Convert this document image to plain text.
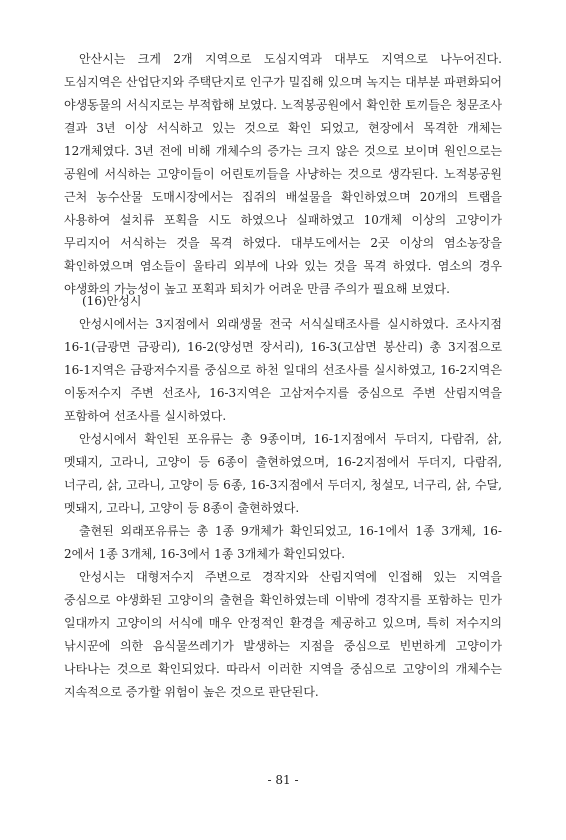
안산시는 크게 2개 지역으로 도심지역과 대부도 지역으로 나누어진다. 도심지역은 산업단지와 주택단지로 인구가 밀집해 있으며 녹지는 대부분 파편화되어 야생동물의 서식지로는 부적합해 보였다. 노적봉공원에서 확인한 토끼들은 청문조사 결과 3년 이상 서식하고 있는 것으로 확인 되었고, 현장에서 목격한 개체는 12개체였다. 3년 전에 비해 개체수의 증가는 크지 않은 것으로 보이며 원인으로는 공원에 서식하는 고양이들이 어린토끼들을 사냥하는 것으로 생각된다. 노적봉공원 근처 농수산물 도매시장에서는 집쥐의 배설물을 확인하였으며 20개의 트랩을 사용하여 설치류 포획을 시도 하였으나 실패하였고 10개체 이상의 고양이가 무리지어 서식하는 것을 목격 하였다. 대부도에서는 2곳 이상의 염소농장을 확인하였으며 염소들이 울타리 외부에 나와 있는 것을 목격 하였다. 염소의 경우 야생화의 가능성이 높고 포획과 퇴치가 어려운 만큼 주의가 필요해 보였다.

(16)안성시

안성시에서는 3지점에서 외래생물 전국 서식실태조사를 실시하였다. 조사지점 16-1(금광면 금광리), 16-2(양성면 장서리), 16-3(고삼면 봉산리) 총 3지점으로 16-1지역은 금광저수지를 중심으로 하천 일대의 선조사를 실시하였고, 16-2지역은 이동저수지 주변 선조사, 16-3지역은 고삼저수지를 중심으로 주변 산림지역을 포함하여 선조사를 실시하였다.

안성시에서 확인된 포유류는 총 9종이며, 16-1지점에서 두더지, 다람쥐, 삵, 멧돼지, 고라니, 고양이 등 6종이 출현하였으며, 16-2지점에서 두더지, 다람쥐, 너구리, 삵, 고라니, 고양이 등 6종, 16-3지점에서 두더지, 청설모, 너구리, 삵, 수달, 멧돼지, 고라니, 고양이 등 8종이 출현하였다.

출현된 외래포유류는 총 1종 9개체가 확인되었고, 16-1에서 1종 3개체, 16-2에서 1종 3개체, 16-3에서 1종 3개체가 확인되었다.

안성시는 대형저수지 주변으로 경작지와 산림지역에 인접해 있는 지역을 중심으로 야생화된 고양이의 출현을 확인하였는데 이밖에 경작지를 포함하는 민가 일대까지 고양이의 서식에 매우 안정적인 환경을 제공하고 있으며, 특히 저수지의 낚시꾼에 의한 음식물쓰레기가 발생하는 지점을 중심으로 빈번하게 고양이가 나타나는 것으로 확인되었다. 따라서 이러한 지역을 중심으로 고양이의 개체수는 지속적으로 증가할 위험이 높은 것으로 판단된다.

- 81 -
